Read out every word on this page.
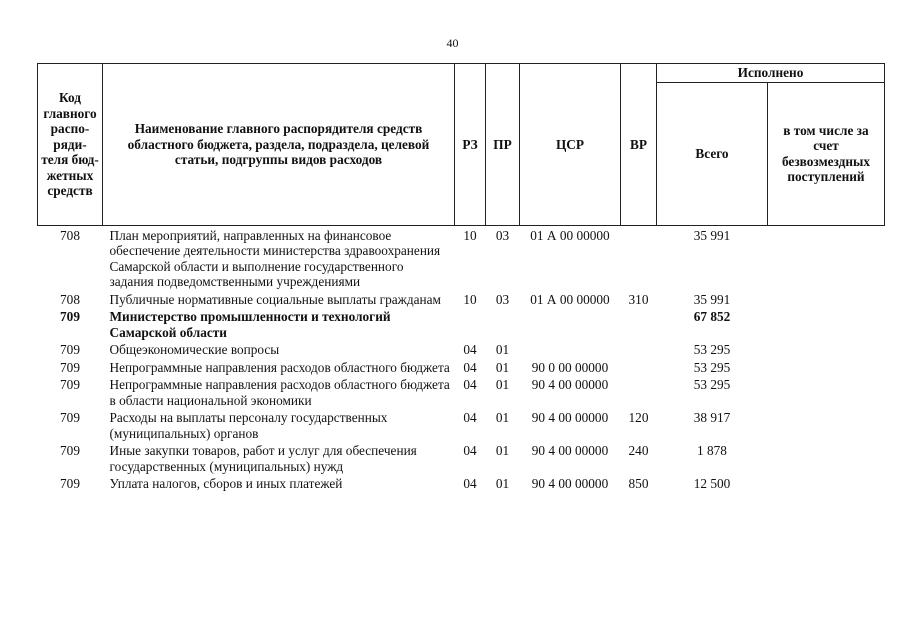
40
Код главного распо-ряди-теля бюд-жетных средств	Наименование главного распорядителя средств областного бюджета, раздела, подраздела, целевой статьи, подгруппы видов расходов	РЗ	ПР	ЦСР	ВР	Исполнено	
						Всего	в том числе за счет безвозмездных поступлений
708	План мероприятий, направленных на финансовое обеспечение деятельности министерства здравоохранения Самарской области и выполнение государственного задания подведомственными учреждениями	10	03	01 А 00 00000		35 991	
708	Публичные нормативные социальные выплаты гражданам	10	03	01 А 00 00000	310	35 991	
709	Министерство промышленности и технологий Самарской области					67 852	
709	Общеэкономические вопросы	04	01			53 295	
709	Непрограммные направления расходов областного бюджета	04	01	90 0 00 00000		53 295	
709	Непрограммные направления расходов областного бюджета в области национальной экономики	04	01	90 4 00 00000		53 295	
709	Расходы на выплаты персоналу государственных (муниципальных) органов	04	01	90 4 00 00000	120	38 917	
709	Иные закупки товаров, работ и услуг для обеспечения государственных (муниципальных) нужд	04	01	90 4 00 00000	240	1 878	
709	Уплата налогов, сборов и иных платежей	04	01	90 4 00 00000	850	12 500	
